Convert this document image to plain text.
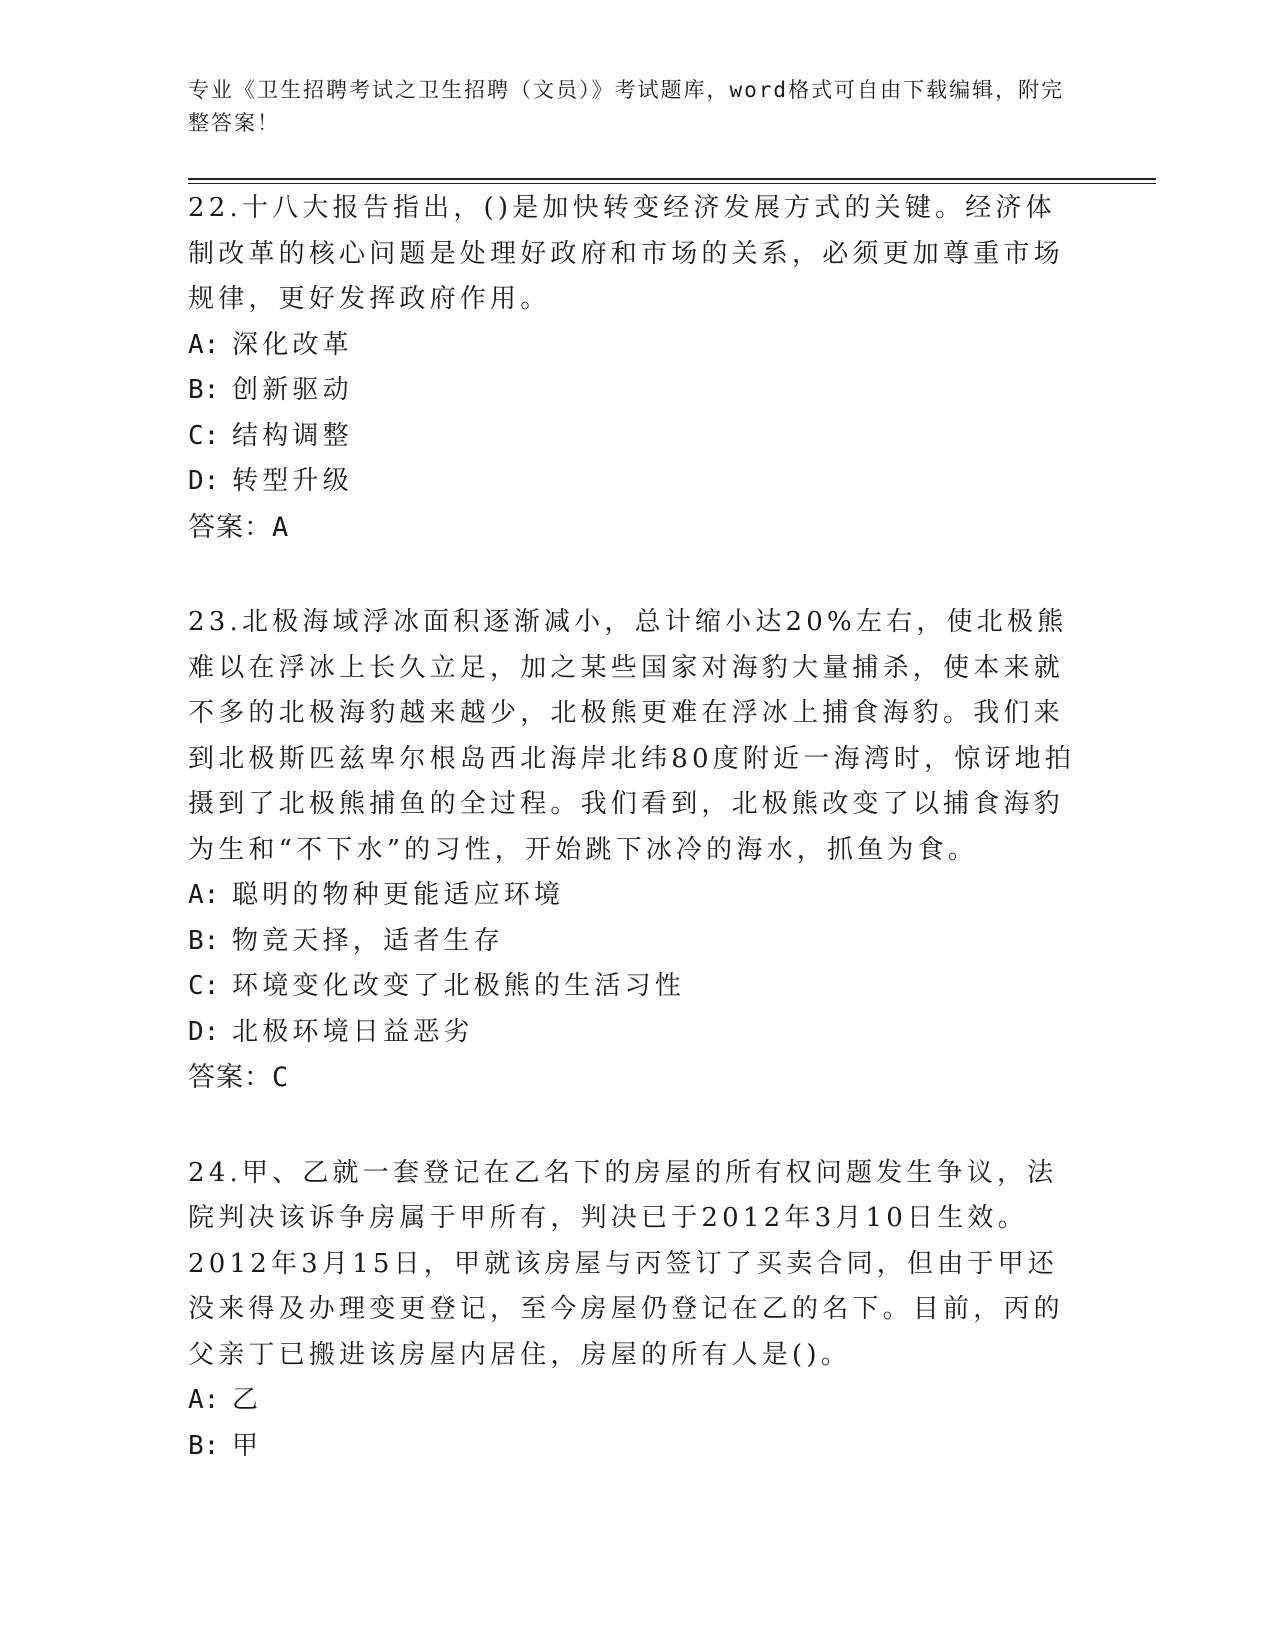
专业《卫生招聘考试之卫生招聘（文员）》考试题库，word格式可自由下载编辑，附完整答案！

22.十八大报告指出，()是加快转变经济发展方式的关键。经济体制改革的核心问题是处理好政府和市场的关系，必须更加尊重市场规律，更好发挥政府作用。

A: 深化改革

B: 创新驱动

C: 结构调整

D: 转型升级

答案：A

23.北极海域浮冰面积逐渐减小，总计缩小达20%左右，使北极熊难以在浮冰上长久立足，加之某些国家对海豹大量捕杀，使本来就不多的北极海豹越来越少，北极熊更难在浮冰上捕食海豹。我们来到北极斯匹兹卑尔根岛西北海岸北纬80度附近一海湾时，惊讶地拍摄到了北极熊捕鱼的全过程。我们看到，北极熊改变了以捕食海豹为生和“不下水”的习性，开始跳下冰冷的海水，抓鱼为食。

A: 聪明的物种更能适应环境

B: 物竞天择，适者生存

C: 环境变化改变了北极熊的生活习性

D: 北极环境日益恶劣

答案：C

24.甲、乙就一套登记在乙名下的房屋的所有权问题发生争议，法院判决该诉争房属于甲所有，判决已于2012年3月10日生效。2012年3月15日，甲就该房屋与丙签订了买卖合同，但由于甲还没来得及办理变更登记，至今房屋仍登记在乙的名下。目前，丙的父亲丁已搬进该房屋内居住，房屋的所有人是()。

A: 乙

B: 甲
